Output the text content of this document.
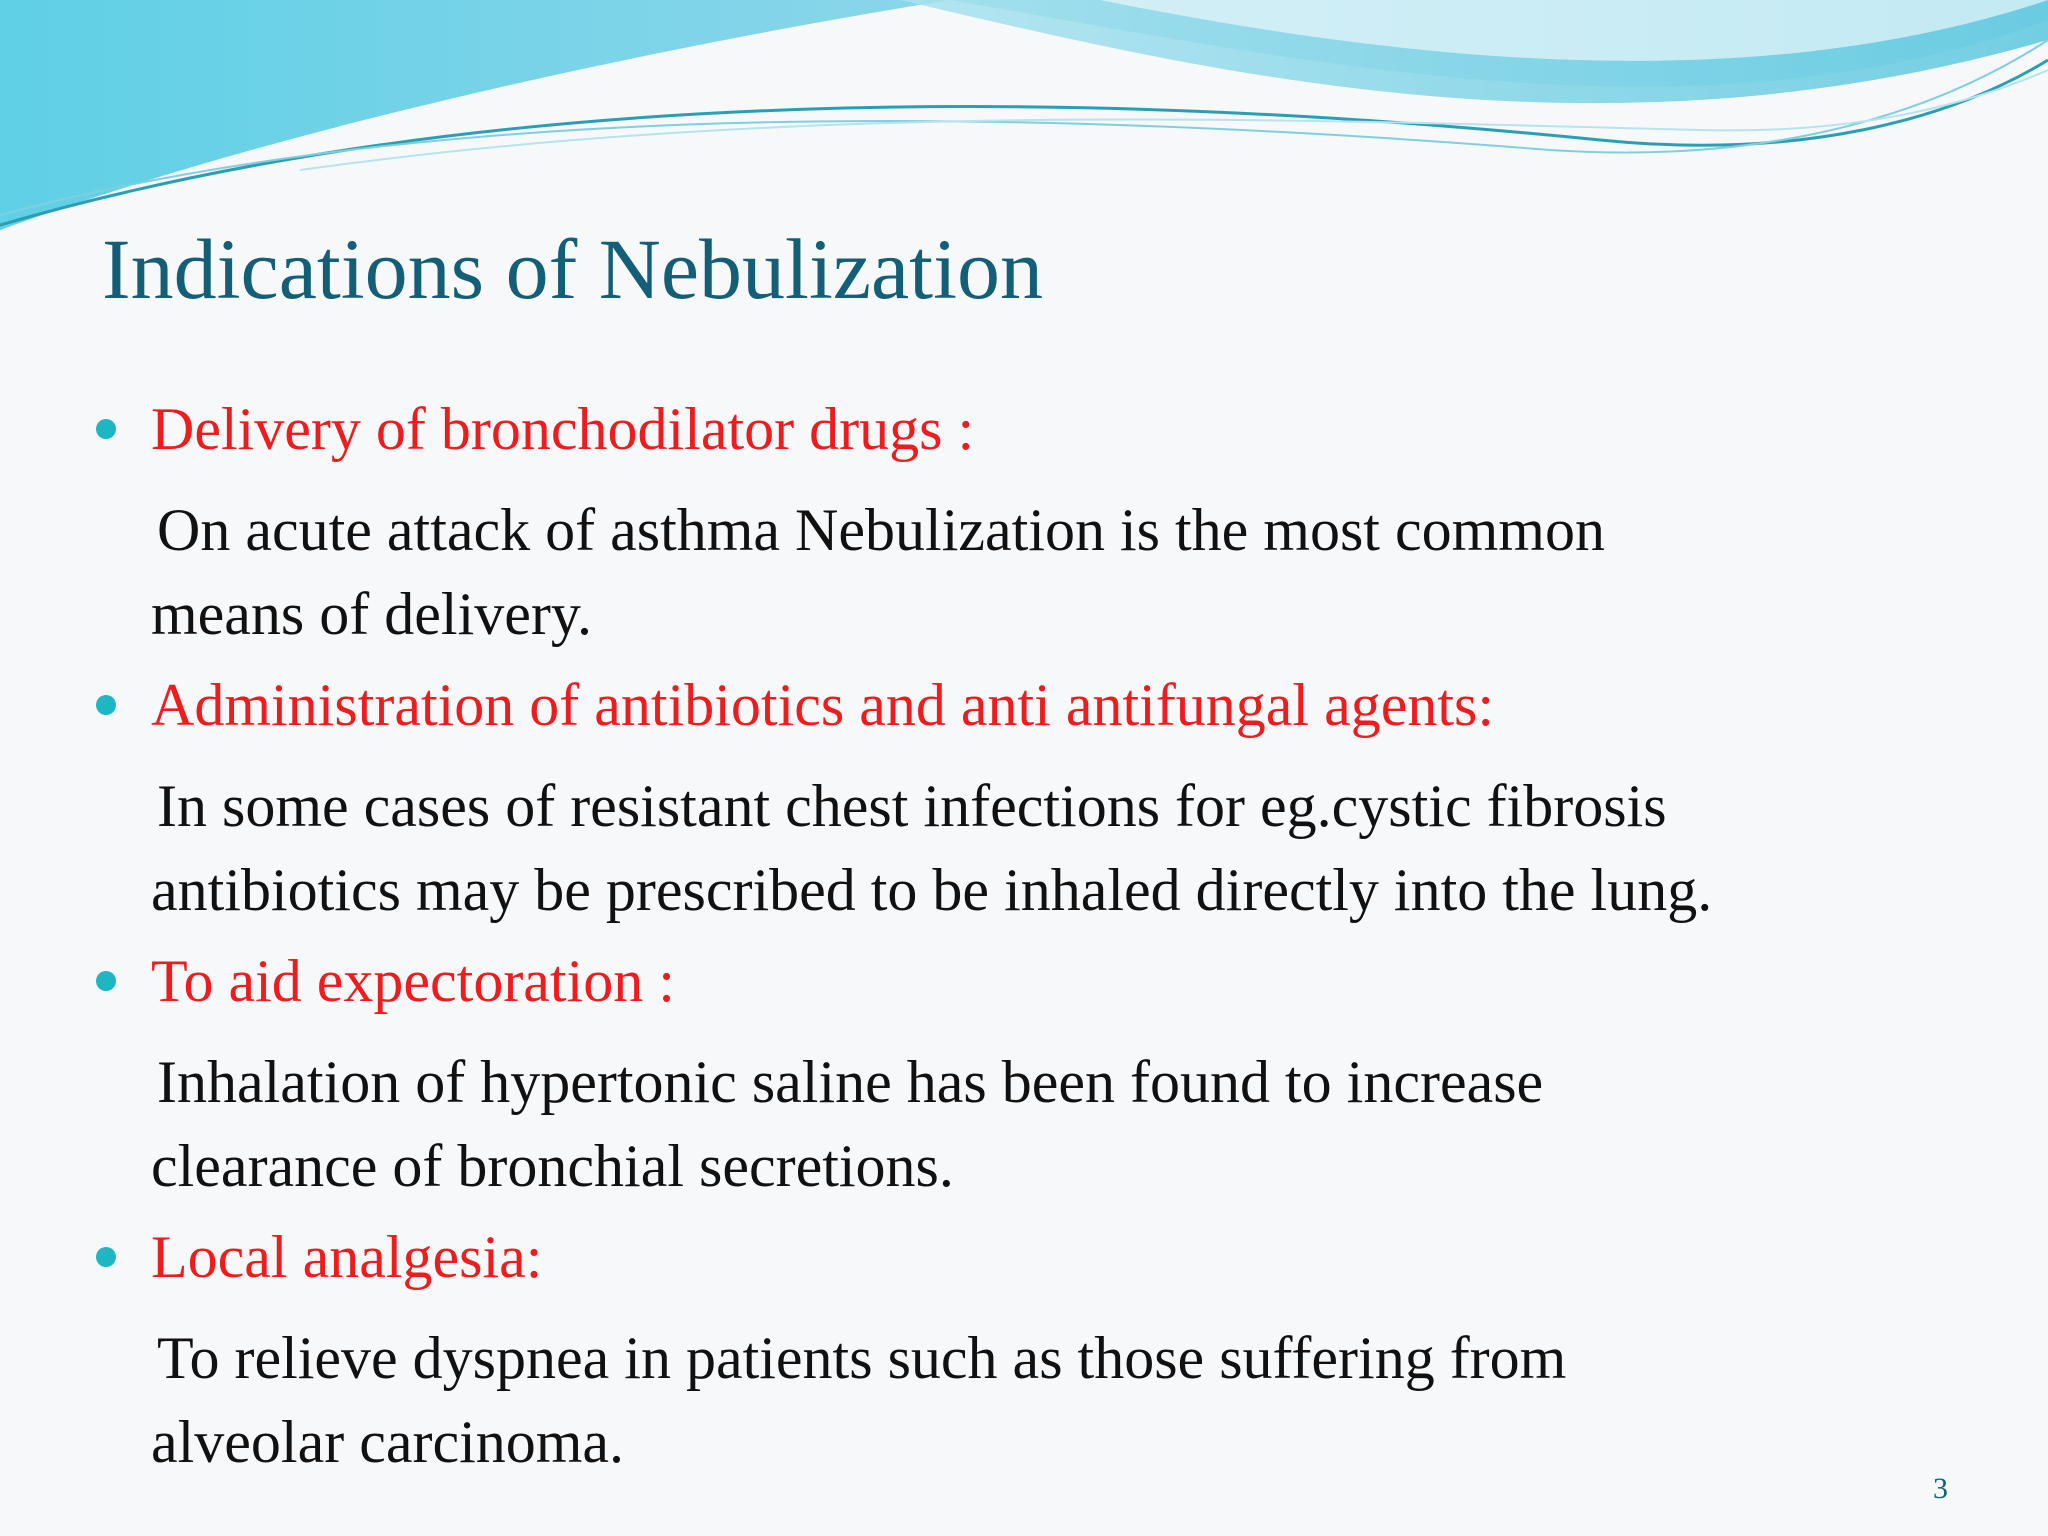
Indications of Nebulization
Delivery of bronchodilator drugs :

On acute attack of asthma Nebulization is the most common
means of delivery.

Administration of antibiotics and anti antifungal agents:

In some cases of resistant chest infections for eg.cystic fibrosis
antibiotics may be prescribed to be inhaled directly into the lung.

To aid expectoration :

Inhalation of hypertonic saline has been found to increase
clearance of bronchial secretions.

Local analgesia:

To relieve dyspnea in patients such as those suffering from
alveolar carcinoma.

3
